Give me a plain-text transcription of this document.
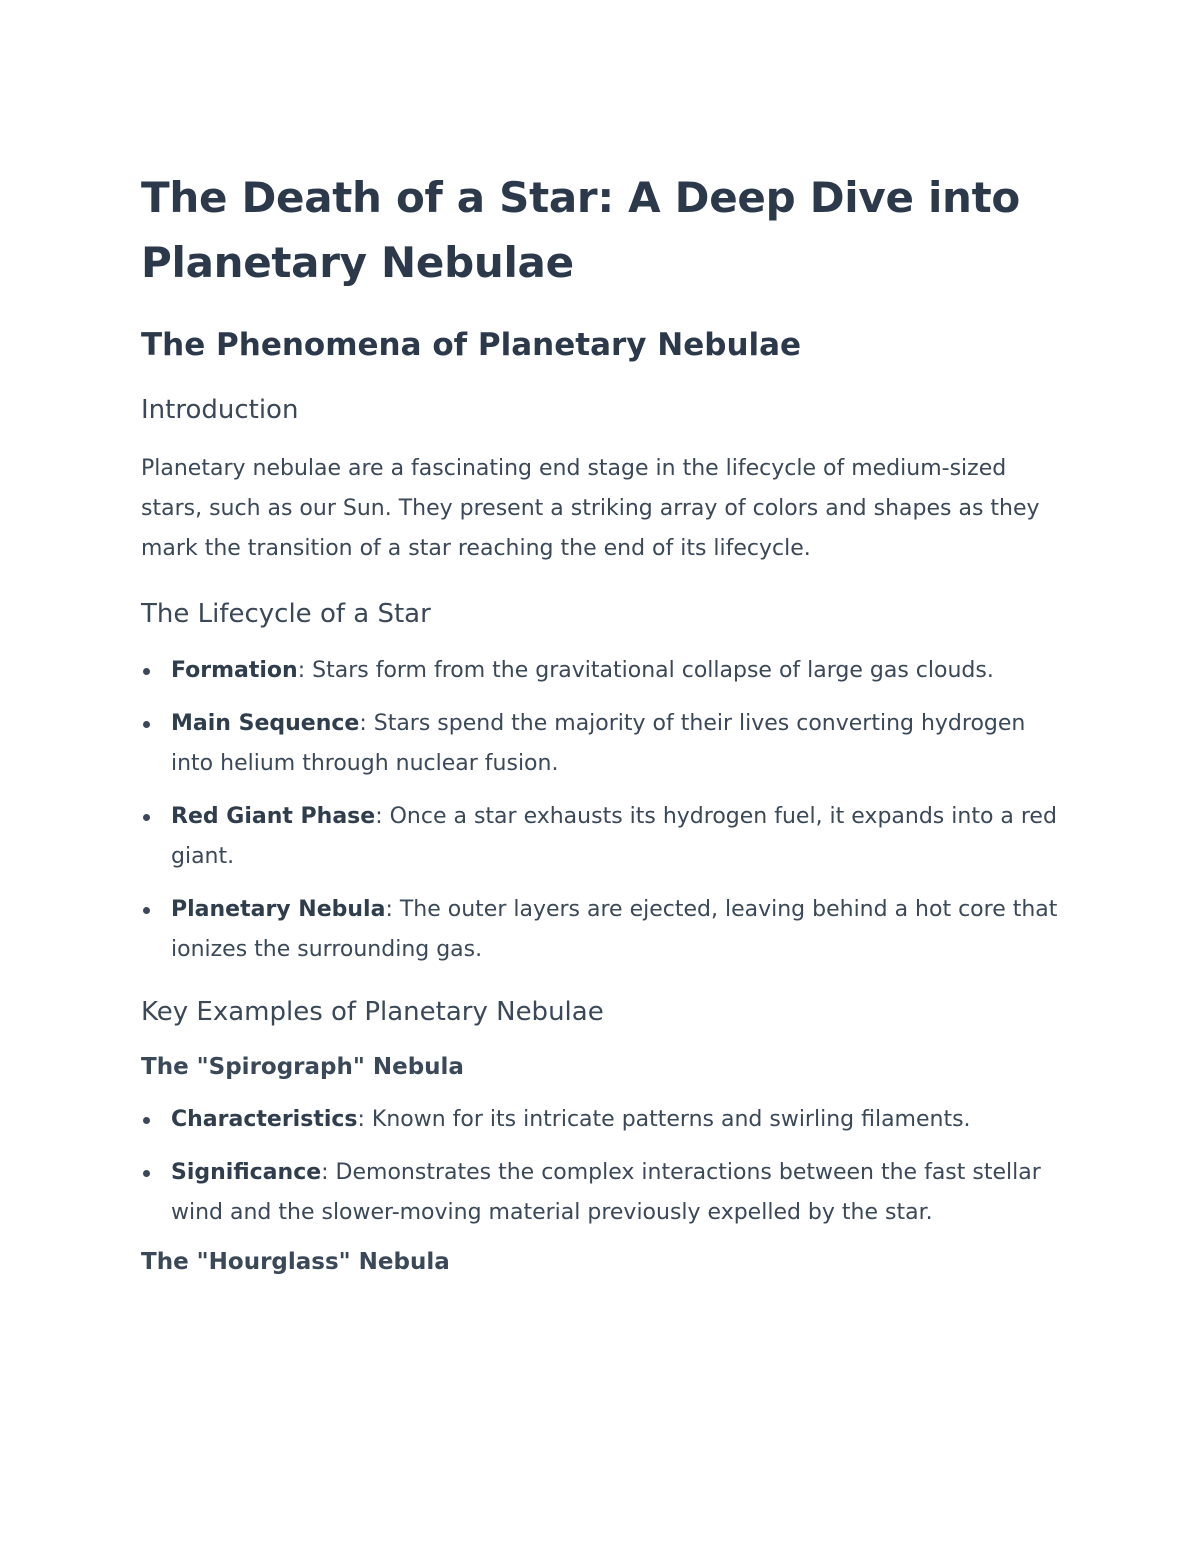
The Death of a Star: A Deep Dive into Planetary Nebulae
The Phenomena of Planetary Nebulae
Introduction

Planetary nebulae are a fascinating end stage in the lifecycle of medium-sized stars, such as our Sun. They present a striking array of colors and shapes as they mark the transition of a star reaching the end of its lifecycle.

The Lifecycle of a Star
Formation: Stars form from the gravitational collapse of large gas clouds.
Main Sequence: Stars spend the majority of their lives converting hydrogen into helium through nuclear fusion.
Red Giant Phase: Once a star exhausts its hydrogen fuel, it expands into a red giant.
Planetary Nebula: The outer layers are ejected, leaving behind a hot core that ionizes the surrounding gas.
Key Examples of Planetary Nebulae
The "Spirograph" Nebula
Characteristics: Known for its intricate patterns and swirling filaments.
Significance: Demonstrates the complex interactions between the fast stellar wind and the slower-moving material previously expelled by the star.
The "Hourglass" Nebula
